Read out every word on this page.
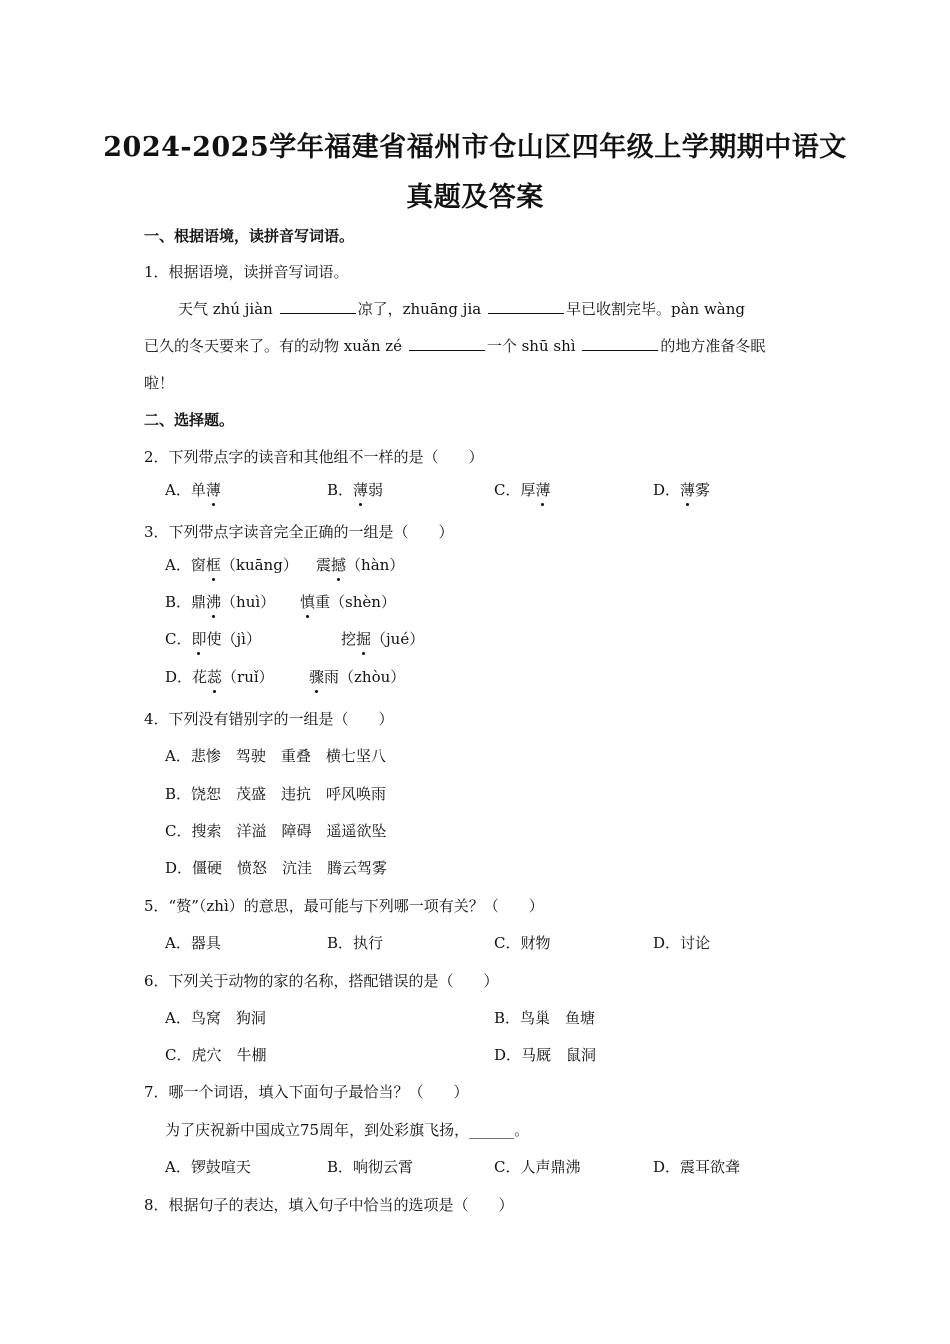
2024-2025学年福建省福州市仓山区四年级上学期期中语文
真题及答案
一、根据语境，读拼音写词语。
1．根据语境，读拼音写词语。
天气 zhú jiàn	凉了，zhuāng jia	早已收割完毕。pàn wàng
已久的冬天要来了。有的动物 xuǎn zé	一个 shū shì	的地方准备冬眠
啦！
二、选择题。
2．下列带点字的读音和其他组不一样的是（　　）
A．单薄	B．薄弱	C．厚薄	D．薄雾
3．下列带点字读音完全正确的一组是（　　）
A．窗框（kuāng） 震撼（hàn）
B．鼎沸（huì） 慎重（shèn）
C．即使（jì）	挖掘（jué）
D．花蕊（ruǐ） 骤雨（zhòu）
4．下列没有错别字的一组是（　　）
A．悲惨　驾驶　重叠　横七坚八
B．饶恕　茂盛　违抗　呼风唤雨
C．搜索　洋溢　障碍　遥遥欲坠
D．僵硬　愤怒　沆洼　腾云驾雾
5．“赘”（zhì）的意思，最可能与下列哪一项有关？（　　）
A．器具	B．执行	C．财物	D．讨论
6．下列关于动物的家的名称，搭配错误的是（　　）
A．鸟窝　狗洞	B．鸟巢　鱼塘
C．虎穴　牛棚	D．马厩　鼠洞
7．哪一个词语，填入下面句子最恰当？（　　）
为了庆祝新中国成立75周年，到处彩旗飞扬，______。
A．锣鼓喧天	B．响彻云霄	C．人声鼎沸	D．震耳欲聋
8．根据句子的表达，填入句子中恰当的选项是（　　）
